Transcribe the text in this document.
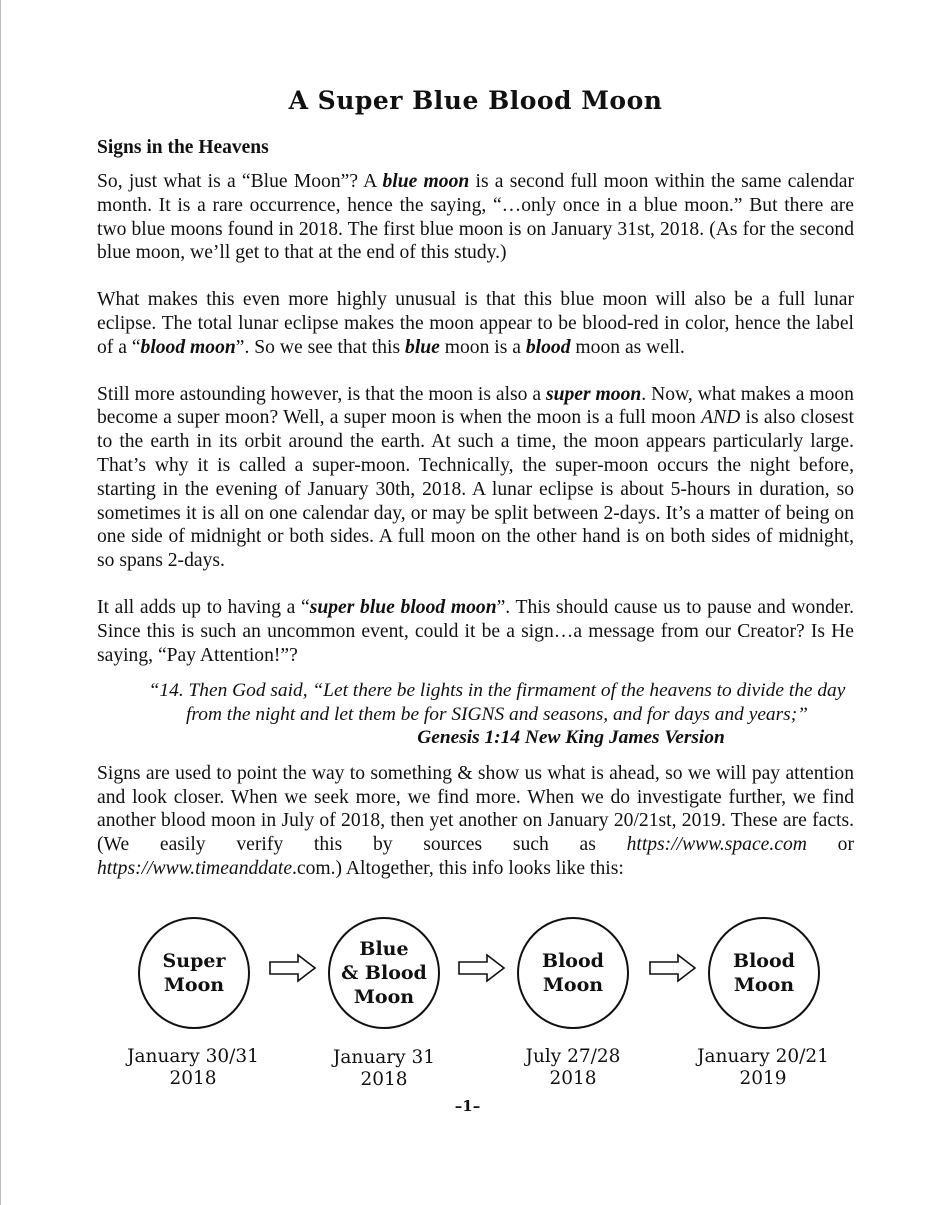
A Super Blue Blood Moon
Signs in the Heavens

So, just what is a “Blue Moon”? A blue moon is a second full moon within the same calendar month. It is a rare occurrence, hence the saying, “…only once in a blue moon.” But there are two blue moons found in 2018. The first blue moon is on January 31st, 2018. (As for the second blue moon, we’ll get to that at the end of this study.)

What makes this even more highly unusual is that this blue moon will also be a full lunar eclipse. The total lunar eclipse makes the moon appear to be blood-red in color, hence the label of a “blood moon”. So we see that this blue moon is a blood moon as well.

Still more astounding however, is that the moon is also a super moon. Now, what makes a moon become a super moon? Well, a super moon is when the moon is a full moon AND is also closest to the earth in its orbit around the earth. At such a time, the moon appears particularly large. That’s why it is called a super-moon. Technically, the super-moon occurs the night before, starting in the evening of January 30th, 2018. A lunar eclipse is about 5-hours in duration, so sometimes it is all on one calendar day, or may be split between 2-days. It’s a matter of being on one side of midnight or both sides. A full moon on the other hand is on both sides of midnight, so spans 2-days.

It all adds up to having a “super blue blood moon”. This should cause us to pause and wonder. Since this is such an uncommon event, could it be a sign…a message from our Creator? Is He saying, “Pay Attention!”?

“14. Then God said, “Let there be lights in the firmament of the heavens to divide the day from the night and let them be for SIGNS and seasons, and for days and years;”
Genesis 1:14 New King James Version

Signs are used to point the way to something & show us what is ahead, so we will pay attention and look closer. When we seek more, we find more. When we do investigate further, we find another blood moon in July of 2018, then yet another on January 20/21st, 2019. These are facts. (We easily verify this by sources such as https://www.space.com or https://www.timeanddate.com.) Altogether, this info looks like this:

Super
Moon
Blue
& Blood
Moon
Blood
Moon
Blood
Moon
January 30/31
2018
January 31
2018
July 27/28
2018
January 20/21
2019
–1–
